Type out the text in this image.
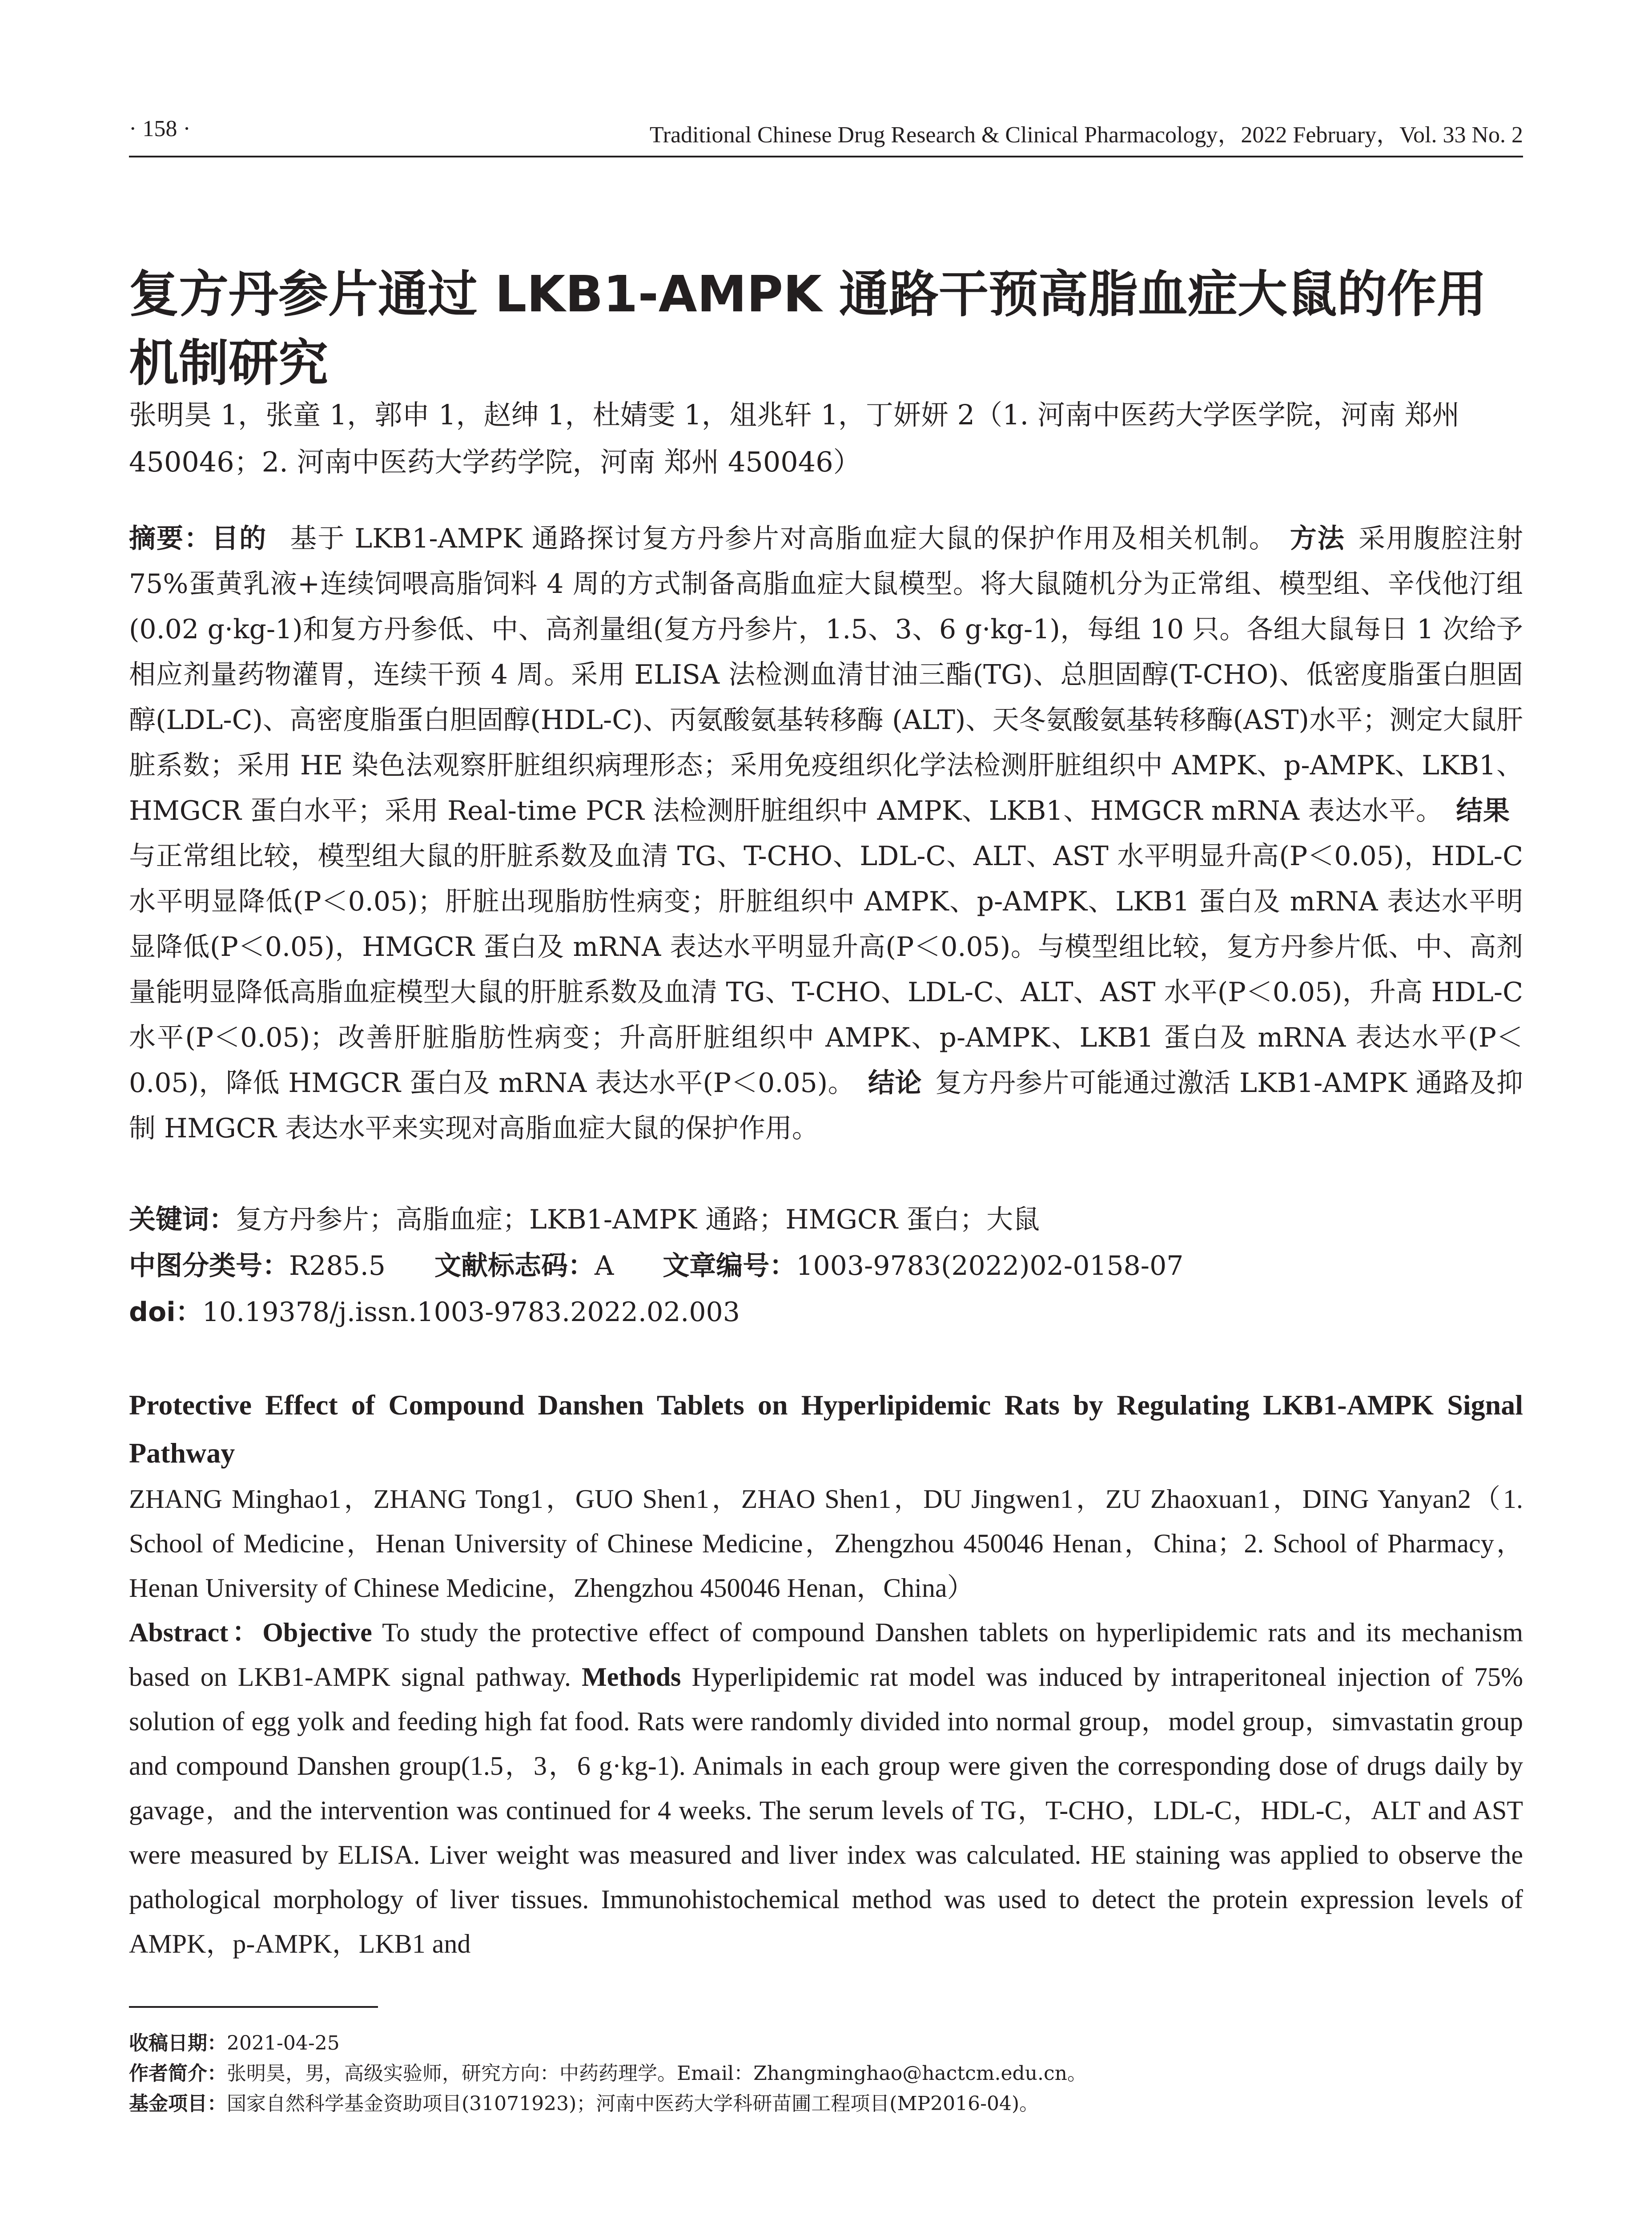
· 158 ·	Traditional Chinese Drug Research & Clinical Pharmacology，2022 February，Vol. 33 No. 2
复方丹参片通过 LKB1-AMPK 通路干预高脂血症大鼠的作用机制研究
张明昊 1，张童 1，郭申 1，赵绅 1，杜婧雯 1，俎兆轩 1，丁妍妍 2（1. 河南中医药大学医学院，河南 郑州 450046；2. 河南中医药大学药学院，河南 郑州 450046）

摘要：目的 基于 LKB1-AMPK 通路探讨复方丹参片对高脂血症大鼠的保护作用及相关机制。 方法 采用腹腔注射 75%蛋黄乳液+连续饲喂高脂饲料 4 周的方式制备高脂血症大鼠模型。将大鼠随机分为正常组、模型组、辛伐他汀组(0.02 g·kg-1)和复方丹参低、中、高剂量组(复方丹参片，1.5、3、6 g·kg-1)，每组 10 只。各组大鼠每日 1 次给予相应剂量药物灌胃，连续干预 4 周。采用 ELISA 法检测血清甘油三酯(TG)、总胆固醇(T-CHO)、低密度脂蛋白胆固醇(LDL-C)、高密度脂蛋白胆固醇(HDL-C)、丙氨酸氨基转移酶 (ALT)、天冬氨酸氨基转移酶(AST)水平；测定大鼠肝脏系数；采用 HE 染色法观察肝脏组织病理形态；采用免疫组织化学法检测肝脏组织中 AMPK、p-AMPK、LKB1、HMGCR 蛋白水平；采用 Real-time PCR 法检测肝脏组织中 AMPK、LKB1、HMGCR mRNA 表达水平。 结果与正常组比较，模型组大鼠的肝脏系数及血清 TG、T-CHO、LDL-C、ALT、AST 水平明显升高(P＜0.05)，HDL-C 水平明显降低(P＜0.05)；肝脏出现脂肪性病变；肝脏组织中 AMPK、p-AMPK、LKB1 蛋白及 mRNA 表达水平明显降低(P＜0.05)，HMGCR 蛋白及 mRNA 表达水平明显升高(P＜0.05)。与模型组比较，复方丹参片低、中、高剂量能明显降低高脂血症模型大鼠的肝脏系数及血清 TG、T-CHO、LDL-C、ALT、AST 水平(P＜0.05)，升高 HDL-C 水平(P＜0.05)；改善肝脏脂肪性病变；升高肝脏组织中 AMPK、p-AMPK、LKB1 蛋白及 mRNA 表达水平(P＜0.05)，降低 HMGCR 蛋白及 mRNA 表达水平(P＜0.05)。 结论 复方丹参片可能通过激活 LKB1-AMPK 通路及抑制 HMGCR 表达水平来实现对高脂血症大鼠的保护作用。

关键词：复方丹参片；高脂血症；LKB1-AMPK 通路；HMGCR 蛋白；大鼠
中图分类号：R285.5 文献标志码：A 文章编号：1003-9783(2022)02-0158-07
doi：10.19378/j.issn.1003-9783.2022.02.003
Protective Effect of Compound Danshen Tablets on Hyperlipidemic Rats by Regulating LKB1-AMPK Signal Pathway
ZHANG Minghao1，ZHANG Tong1，GUO Shen1，ZHAO Shen1，DU Jingwen1，ZU Zhaoxuan1，DING Yanyan2（1. School of Medicine，Henan University of Chinese Medicine，Zhengzhou 450046 Henan，China；2. School of Pharmacy，Henan University of Chinese Medicine，Zhengzhou 450046 Henan，China）

Abstract：Objective To study the protective effect of compound Danshen tablets on hyperlipidemic rats and its mechanism based on LKB1-AMPK signal pathway. Methods Hyperlipidemic rat model was induced by intraperitoneal injection of 75% solution of egg yolk and feeding high fat food. Rats were randomly divided into normal group，model group，simvastatin group and compound Danshen group(1.5，3，6 g·kg-1). Animals in each group were given the corresponding dose of drugs daily by gavage，and the intervention was continued for 4 weeks. The serum levels of TG，T-CHO，LDL-C，HDL-C，ALT and AST were measured by ELISA. Liver weight was measured and liver index was calculated. HE staining was applied to observe the pathological morphology of liver tissues. Immunohistochemical method was used to detect the protein expression levels of AMPK，p-AMPK，LKB1 and

收稿日期：2021-04-25
作者简介：张明昊，男，高级实验师，研究方向：中药药理学。Email：Zhangminghao@hactcm.edu.cn。
基金项目：国家自然科学基金资助项目(31071923)；河南中医药大学科研苗圃工程项目(MP2016-04)。
